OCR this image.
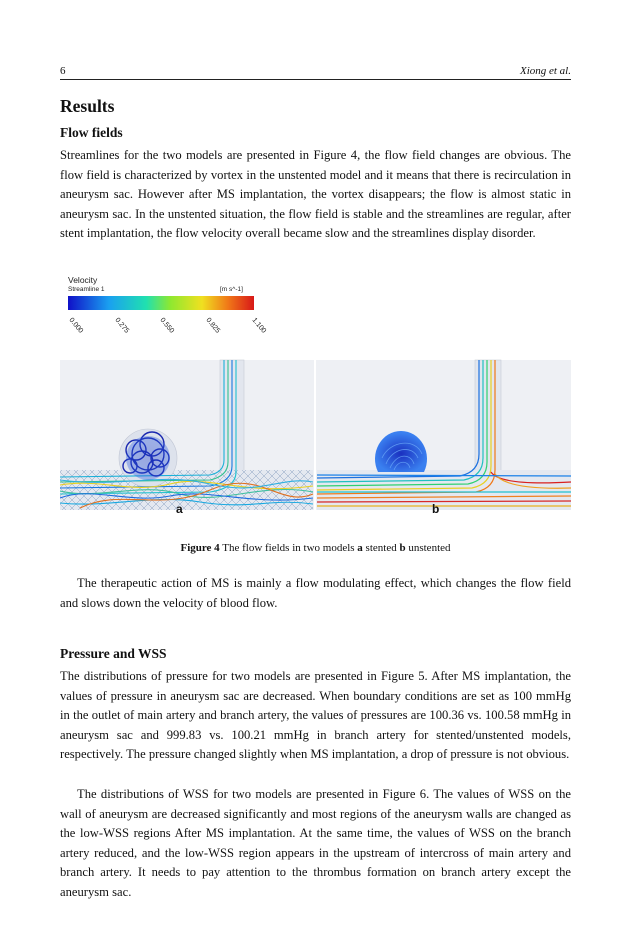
6	Xiong et al.
Results
Flow fields

Streamlines for the two models are presented in Figure 4, the flow field changes are obvious. The flow field is characterized by vortex in the unstented model and it means that there is recirculation in aneurysm sac. However after MS implantation, the vortex disappears; the flow is almost static in aneurysm sac. In the unstented situation, the flow field is stable and the streamlines are regular, after stent implantation, the flow velocity overall became slow and the streamlines display disorder.

Velocity
Streamline 1	[m s^-1]
0.000	0.275	0.550	0.825	1.100
a	b
Figure 4 The flow fields in two models a stented b unstented

The therapeutic action of MS is mainly a flow modulating effect, which changes the flow field and slows down the velocity of blood flow.

Pressure and WSS

The distributions of pressure for two models are presented in Figure 5. After MS implantation, the values of pressure in aneurysm sac are decreased. When boundary conditions are set as 100 mmHg in the outlet of main artery and branch artery, the values of pressures are 100.36 vs. 100.58 mmHg in aneurysm sac and 999.83 vs. 100.21 mmHg in branch artery for stented/unstented models, respectively. The pressure changed slightly when MS implantation, a drop of pressure is not obvious.

The distributions of WSS for two models are presented in Figure 6. The values of WSS on the wall of aneurysm are decreased significantly and most regions of the aneurysm walls are changed as the low-WSS regions After MS implantation. At the same time, the values of WSS on the branch artery reduced, and the low-WSS region appears in the upstream of intercross of main artery and branch artery. It needs to pay attention to the thrombus formation on branch artery except the aneurysm sac.
